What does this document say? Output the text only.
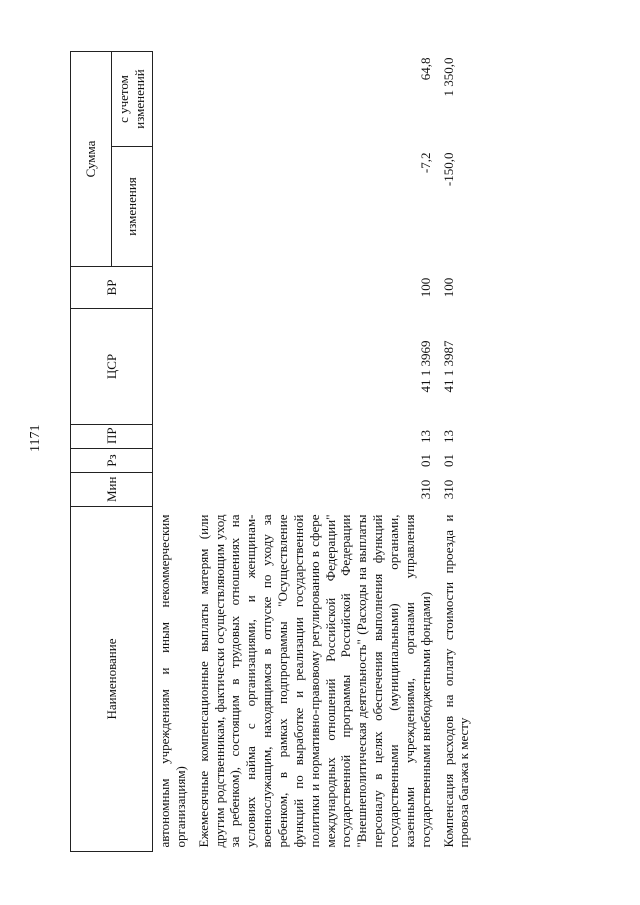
1171
Наименование	Мин	Рз	ПР	ЦСР	ВР	Сумма	
						изменения	с учетом изменений
автономным учреждениям и иным некоммерческим организациям)							
Ежемесячные компенсационные выплаты матерям (или другим родственникам, фактически осуществляющим уход за ребенком), состоящим в трудовых отношениях на условиях найма с организациями, и женщинам-военнослужащим, находящимся в отпуске по уходу за ребенком, в рамках подпрограммы "Осуществление функций по выработке и реализации государственной политики и нормативно-правовому регулированию в сфере международных отношений Российской Федерации" государственной программы Российской Федерации "Внешнеполитическая деятельность" (Расходы на выплаты персоналу в целях обеспечения выполнения функций государственными (муниципальными) органами, казенными учреждениями, органами управления государственными внебюджетными фондами)	310	01	13	41 1 3969	100	-7,2	64,8
Компенсация расходов на оплату стоимости проезда и провоза багажа к месту	310	01	13	41 1 3987	100	-150,0	1 350,0
